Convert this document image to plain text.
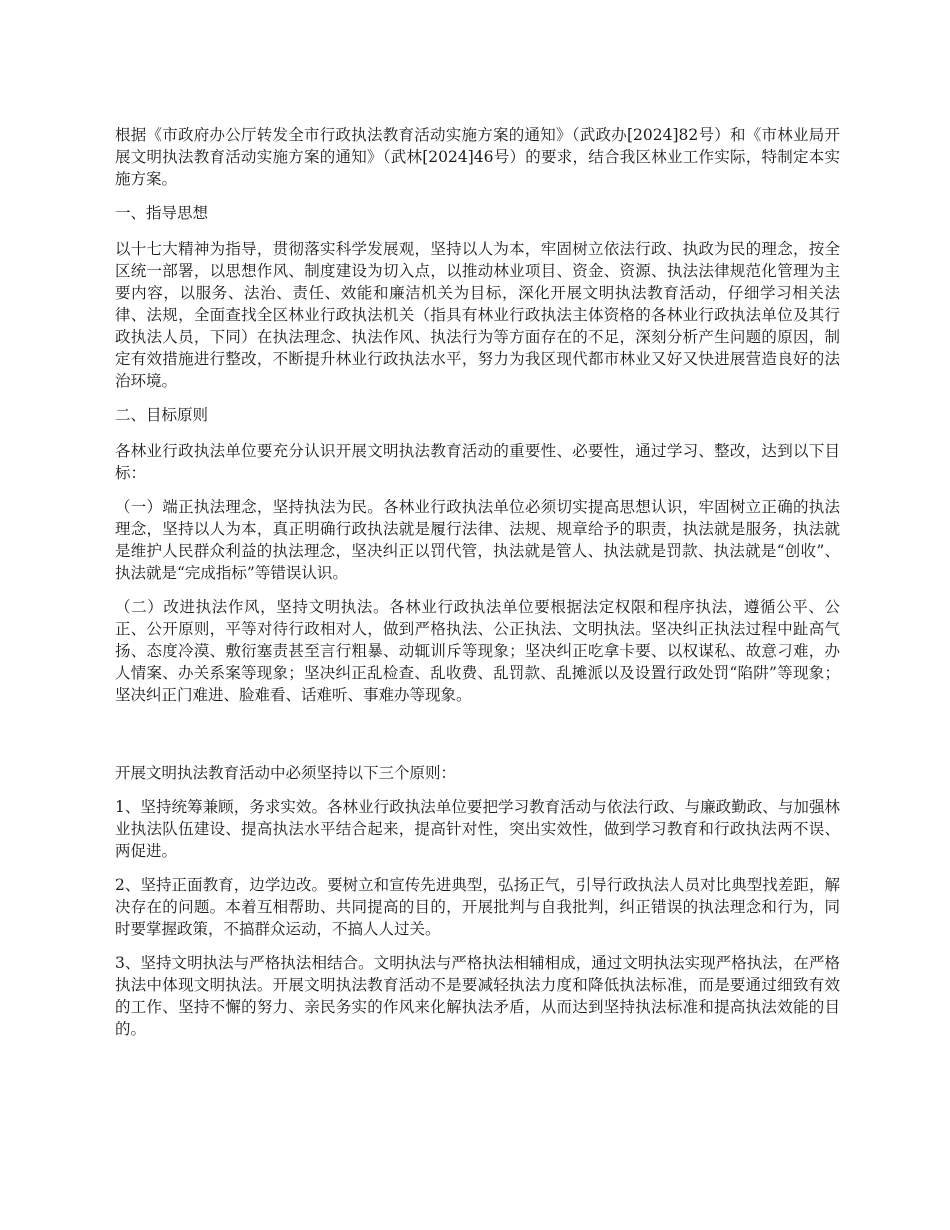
根据《市政府办公厅转发全市行政执法教育活动实施方案的通知》（武政办[2024]82号）和《市林业局开展文明执法教育活动实施方案的通知》（武林[2024]46号）的要求，结合我区林业工作实际，特制定本实施方案。

一、指导思想

以十七大精神为指导，贯彻落实科学发展观，坚持以人为本，牢固树立依法行政、执政为民的理念，按全区统一部署，以思想作风、制度建设为切入点，以推动林业项目、资金、资源、执法法律规范化管理为主要内容，以服务、法治、责任、效能和廉洁机关为目标，深化开展文明执法教育活动，仔细学习相关法律、法规，全面查找全区林业行政执法机关（指具有林业行政执法主体资格的各林业行政执法单位及其行政执法人员，下同）在执法理念、执法作风、执法行为等方面存在的不足，深刻分析产生问题的原因，制定有效措施进行整改，不断提升林业行政执法水平，努力为我区现代都市林业又好又快进展营造良好的法治环境。

二、目标原则

各林业行政执法单位要充分认识开展文明执法教育活动的重要性、必要性，通过学习、整改，达到以下目标：

（一）端正执法理念，坚持执法为民。各林业行政执法单位必须切实提高思想认识，牢固树立正确的执法理念，坚持以人为本，真正明确行政执法就是履行法律、法规、规章给予的职责，执法就是服务，执法就是维护人民群众利益的执法理念，坚决纠正以罚代管，执法就是管人、执法就是罚款、执法就是“创收”、执法就是“完成指标”等错误认识。

（二）改进执法作风，坚持文明执法。各林业行政执法单位要根据法定权限和程序执法，遵循公平、公正、公开原则，平等对待行政相对人，做到严格执法、公正执法、文明执法。坚决纠正执法过程中趾高气扬、态度冷漠、敷衍塞责甚至言行粗暴、动辄训斥等现象；坚决纠正吃拿卡要、以权谋私、故意刁难，办人情案、办关系案等现象；坚决纠正乱检查、乱收费、乱罚款、乱摊派以及设置行政处罚“陷阱”等现象；坚决纠正门难进、脸难看、话难听、事难办等现象。

开展文明执法教育活动中必须坚持以下三个原则：

1、坚持统筹兼顾，务求实效。各林业行政执法单位要把学习教育活动与依法行政、与廉政勤政、与加强林业执法队伍建设、提高执法水平结合起来，提高针对性，突出实效性，做到学习教育和行政执法两不误、两促进。

2、坚持正面教育，边学边改。要树立和宣传先进典型，弘扬正气，引导行政执法人员对比典型找差距，解决存在的问题。本着互相帮助、共同提高的目的，开展批判与自我批判，纠正错误的执法理念和行为，同时要掌握政策，不搞群众运动，不搞人人过关。

3、坚持文明执法与严格执法相结合。文明执法与严格执法相辅相成，通过文明执法实现严格执法，在严格执法中体现文明执法。开展文明执法教育活动不是要减轻执法力度和降低执法标准，而是要通过细致有效的工作、坚持不懈的努力、亲民务实的作风来化解执法矛盾，从而达到坚持执法标准和提高执法效能的目的。
